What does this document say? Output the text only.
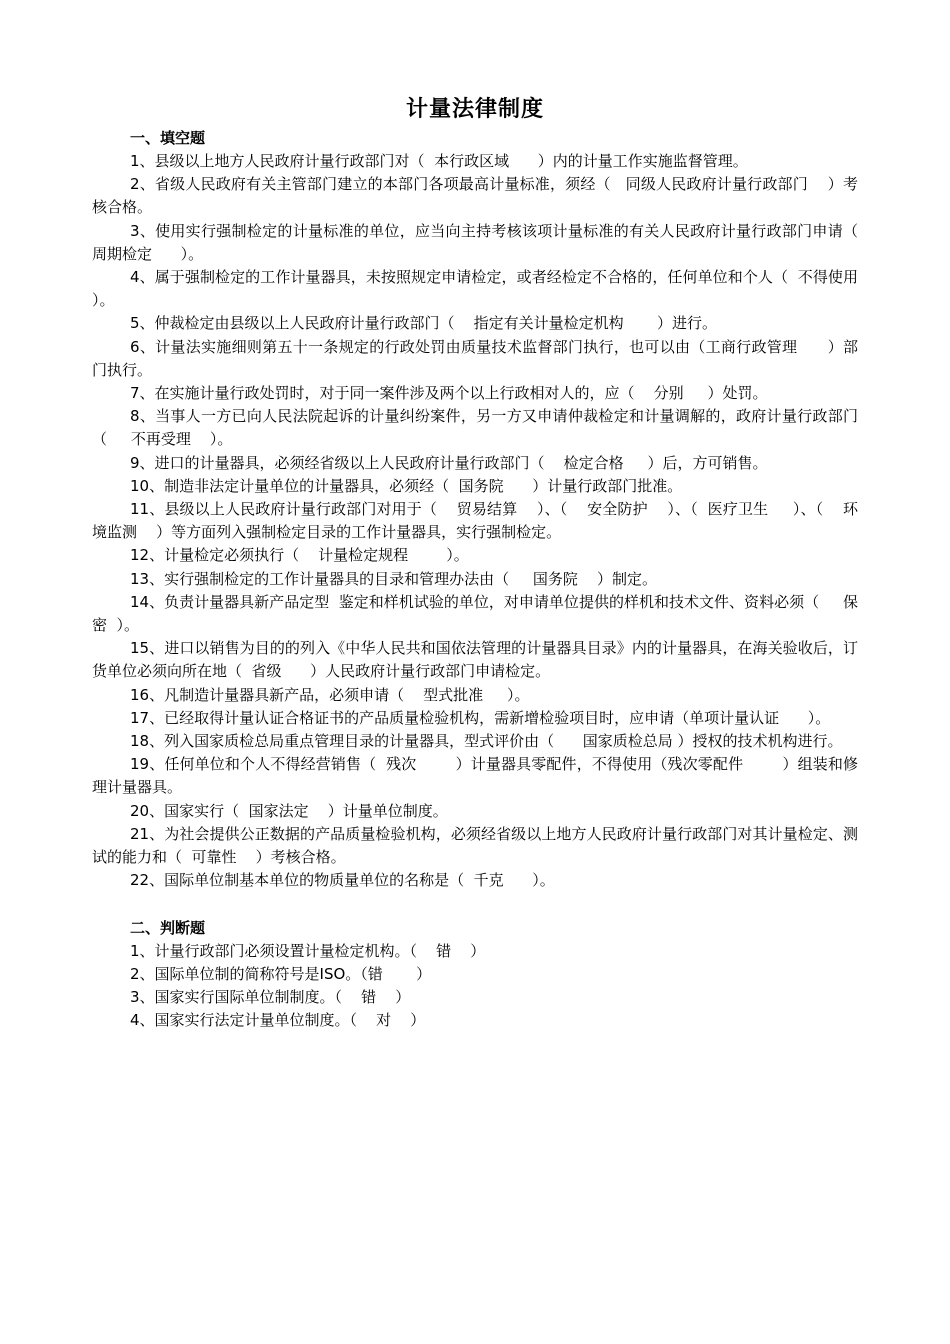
计量法律制度
一、填空题

1、县级以上地方人民政府计量行政部门对（  本行政区域      ）内的计量工作实施监督管理。

2、省级人民政府有关主管部门建立的本部门各项最高计量标准，须经（   同级人民政府计量行政部门    ）考核合格。

3、使用实行强制检定的计量标准的单位，应当向主持考核该项计量标准的有关人民政府计量行政部门申请（  周期检定      ）。

4、属于强制检定的工作计量器具，未按照规定申请检定，或者经检定不合格的，任何单位和个人（  不得使用    ）。

5、仲裁检定由县级以上人民政府计量行政部门（    指定有关计量检定机构       ）进行。

6、计量法实施细则第五十一条规定的行政处罚由质量技术监督部门执行，也可以由（工商行政管理      ）部门执行。

7、在实施计量行政处罚时，对于同一案件涉及两个以上行政相对人的，应（    分别     ）处罚。

8、当事人一方已向人民法院起诉的计量纠纷案件，另一方又申请仲裁检定和计量调解的，政府计量行政部门（     不再受理    ）。

9、进口的计量器具，必须经省级以上人民政府计量行政部门（    检定合格     ）后，方可销售。

10、制造非法定计量单位的计量器具，必须经（  国务院      ）计量行政部门批准。

11、县级以上人民政府计量行政部门对用于（    贸易结算    ）、（    安全防护    ）、（  医疗卫生     ）、（    环境监测    ）等方面列入强制检定目录的工作计量器具，实行强制检定。

12、计量检定必须执行（    计量检定规程        ）。

13、实行强制检定的工作计量器具的目录和管理办法由（     国务院    ）制定。

14、负责计量器具新产品定型  鉴定和样机试验的单位，对申请单位提供的样机和技术文件、资料必须（     保密  ）。

15、进口以销售为目的的列入《中华人民共和国依法管理的计量器具目录》内的计量器具，在海关验收后，订货单位必须向所在地（  省级      ）人民政府计量行政部门申请检定。

16、凡制造计量器具新产品，必须申请（    型式批准     ）。

17、已经取得计量认证合格证书的产品质量检验机构，需新增检验项目时，应申请（单项计量认证      ）。

18、列入国家质检总局重点管理目录的计量器具，型式评价由（      国家质检总局 ）授权的技术机构进行。

19、任何单位和个人不得经营销售（  残次        ）计量器具零配件，不得使用（残次零配件        ）组装和修理计量器具。

20、国家实行（  国家法定    ）计量单位制度。

21、为社会提供公正数据的产品质量检验机构，必须经省级以上地方人民政府计量行政部门对其计量检定、测试的能力和（  可靠性    ）考核合格。

22、国际单位制基本单位的物质量单位的名称是（  千克      ）。

二、判断题

1、计量行政部门必须设置计量检定机构。（    错    ）

2、国际单位制的简称符号是ISO。（错       ）

3、国家实行国际单位制制度。（    错    ）

4、国家实行法定计量单位制度。（    对    ）
